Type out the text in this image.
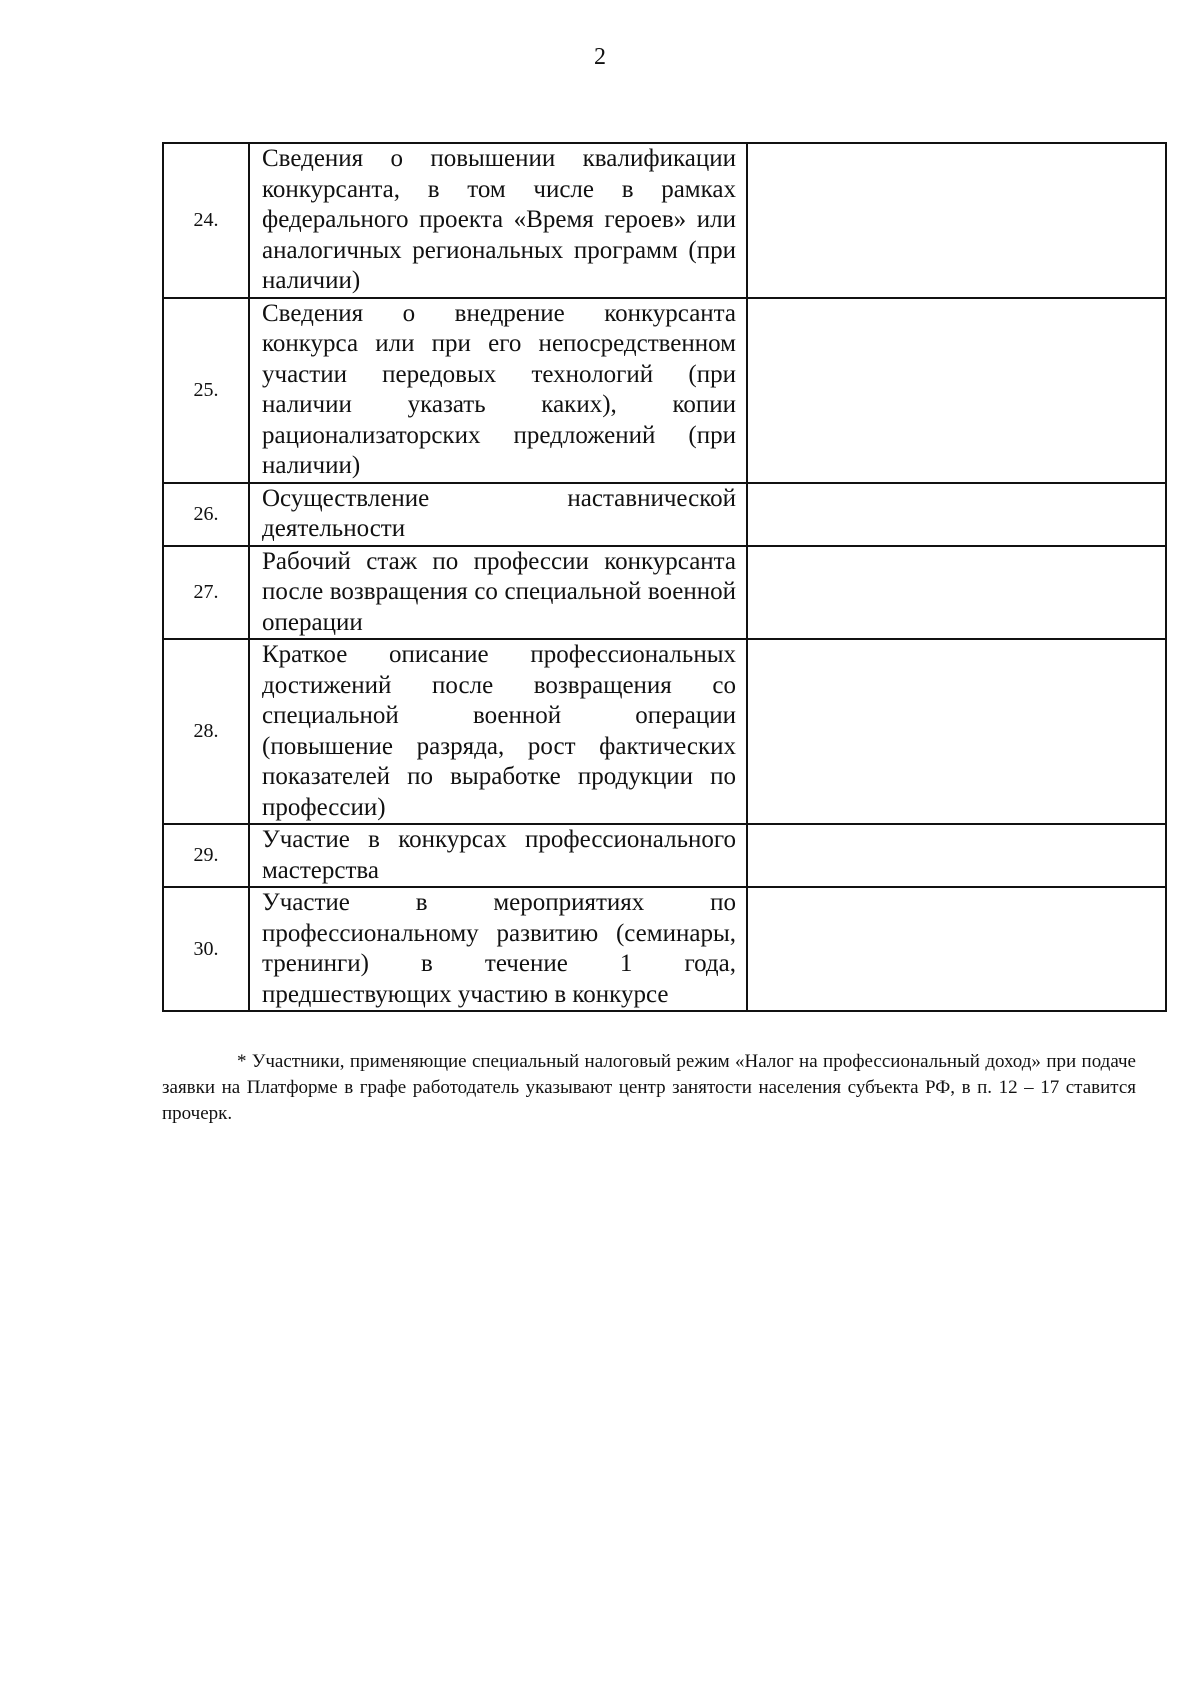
2
24.	Сведения о повышении квалификации конкурсанта, в том числе в рамках федерального проекта «Время героев» или аналогичных региональных программ (при наличии)	
25.	Сведения о внедрение конкурсанта конкурса или при его непосредственном участии передовых технологий (при наличии указать каких), копии рационализаторских предложений (при наличии)	
26.	Осуществление наставнической деятельности	
27.	Рабочий стаж по профессии конкурсанта после возвращения со специальной военной операции	
28.	Краткое описание профессиональных достижений после возвращения со специальной военной операции (повышение разряда, рост фактических показателей по выработке продукции по профессии)	
29.	Участие в конкурсах профессионального мастерства	
30.	Участие в мероприятиях по профессиональному развитию (семинары, тренинги) в течение 1 года, предшествующих участию в конкурсе	

* Участники, применяющие специальный налоговый режим «Налог на профессиональный доход» при подаче заявки на Платформе в графе работодатель указывают центр занятости населения субъекта РФ, в п. 12 – 17 ставится прочерк.
